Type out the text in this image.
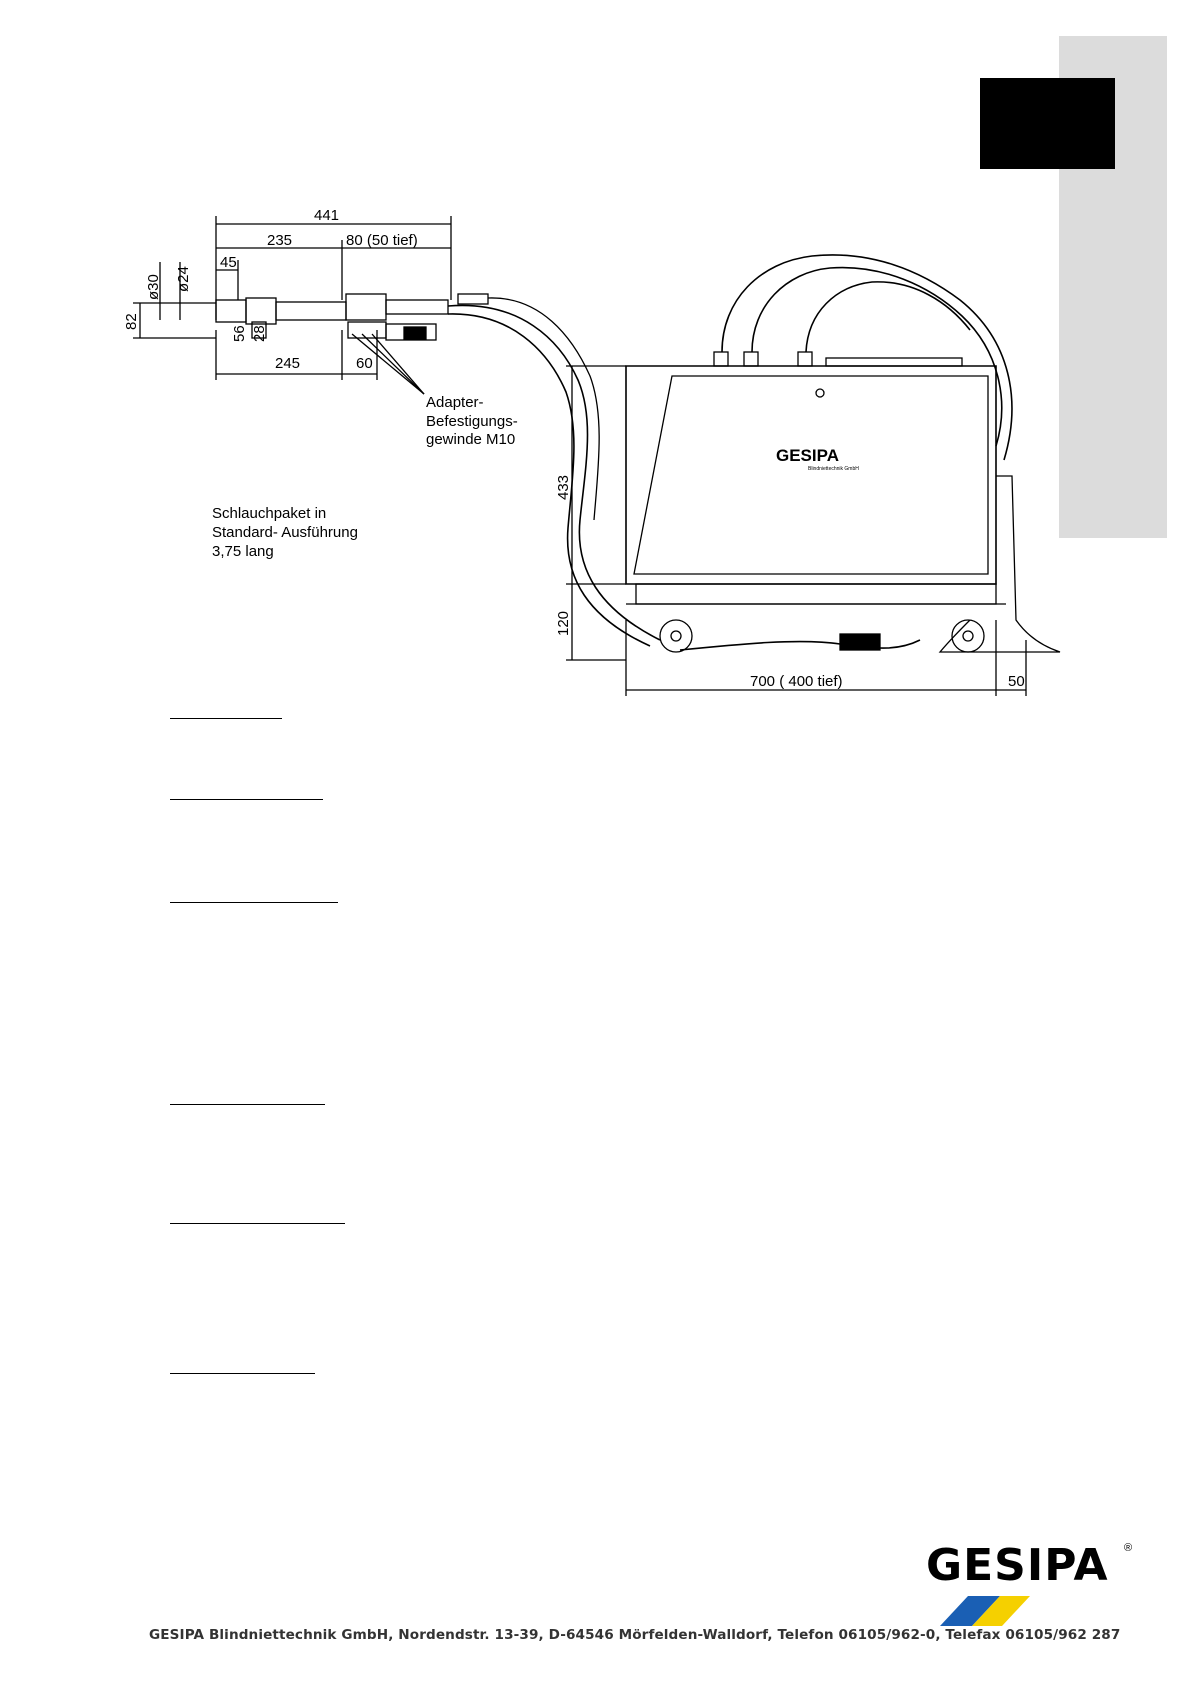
441
235	80 (50 tief)
45
ø30 ø24
82
56 28
245	60
Adapter-
Befestigungs-
gewinde M10
Schlauchpaket in
Standard- Ausführung
3,75 lang
433
120
700 ( 400 tief)	50
GESIPA
Blindniettechnik GmbH
GESIPA ®
GESIPA Blindniettechnik GmbH, Nordendstr. 13-39, D-64546 Mörfelden-Walldorf, Telefon 06105/962-0, Telefax 06105/962 287
